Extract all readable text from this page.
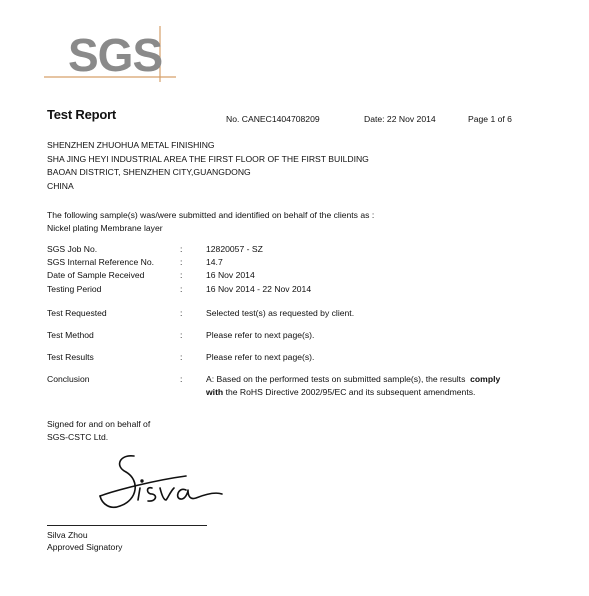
SGS
Test Report	No. CANEC1404708209	Date: 22 Nov 2014	Page 1 of 6
SHENZHEN ZHUOHUA METAL FINISHING
SHA JING HEYI INDUSTRIAL AREA THE FIRST FLOOR OF THE FIRST BUILDING
BAOAN DISTRICT, SHENZHEN CITY,GUANGDONG
CHINA
The following sample(s) was/were submitted and identified on behalf of the clients as :
Nickel plating Membrane layer
SGS Job No.	:	12820057 - SZ
SGS Internal Reference No.	:	14.7
Date of Sample Received	:	16 Nov 2014
Testing Period	:	16 Nov 2014 - 22 Nov 2014
Test Requested	:	Selected test(s) as requested by client.
Test Method	:	Please refer to next page(s).
Test Results	:	Please refer to next page(s).
Conclusion	:	A: Based on the performed tests on submitted sample(s), the results comply
with the RoHS Directive 2002/95/EC and its subsequent amendments.
Signed for and on behalf of
SGS-CSTC Ltd.
Silva Zhou
Approved Signatory
